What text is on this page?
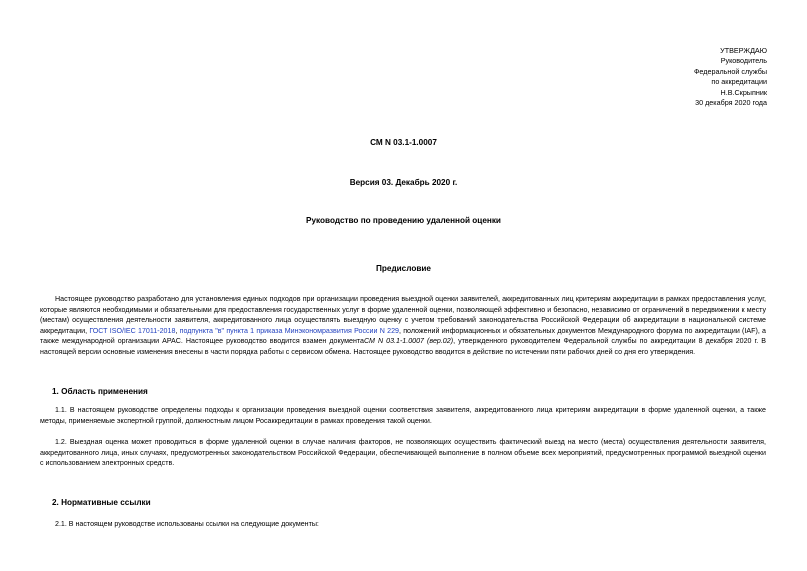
УТВЕРЖДАЮ
Руководитель
Федеральной службы
по аккредитации
Н.В.Скрыпник
30 декабря 2020 года
СМ N 03.1-1.0007
Версия 03. Декабрь 2020 г.
Руководство по проведению удаленной оценки
Предисловие
Настоящее руководство разработано для установления единых подходов при организации проведения выездной оценки заявителей, аккредитованных лиц критериям аккредитации в рамках предоставления услуг, которые являются необходимыми и обязательными для предоставления государственных услуг в форме удаленной оценки, позволяющей эффективно и безопасно, независимо от ограничений в передвижении к месту (местам) осуществления деятельности заявителя, аккредитованного лица осуществлять выездную оценку с учетом требований законодательства Российской Федерации об аккредитации в национальной системе аккредитации, ГОСТ ISO/IEC 17011-2018, подпункта "в" пункта 1 приказа Минэкономразвития России N 229, положений информационных и обязательных документов Международного форума по аккредитации (IAF), а также международной организации APAC. Настоящее руководство вводится взамен документаСМ N 03.1-1.0007 (вер.02), утвержденного руководителем Федеральной службы по аккредитации 8 декабря 2020 г. В настоящей версии основные изменения внесены в части порядка работы с сервисом обмена. Настоящее руководство вводится в действие по истечении пяти рабочих дней со дня его утверждения.
1. Область применения
1.1. В настоящем руководстве определены подходы к организации проведения выездной оценки соответствия заявителя, аккредитованного лица критериям аккредитации в форме удаленной оценки, а также методы, применяемые экспертной группой, должностным лицом Росаккредитации в рамках проведения такой оценки.
1.2. Выездная оценка может проводиться в форме удаленной оценки в случае наличия факторов, не позволяющих осуществить фактический выезд на место (места) осуществления деятельности заявителя, аккредитованного лица, иных случаях, предусмотренных законодательством Российской Федерации, обеспечивающей выполнение в полном объеме всех мероприятий, предусмотренных программой выездной оценки с использованием электронных средств.
2. Нормативные ссылки
2.1. В настоящем руководстве использованы ссылки на следующие документы:
